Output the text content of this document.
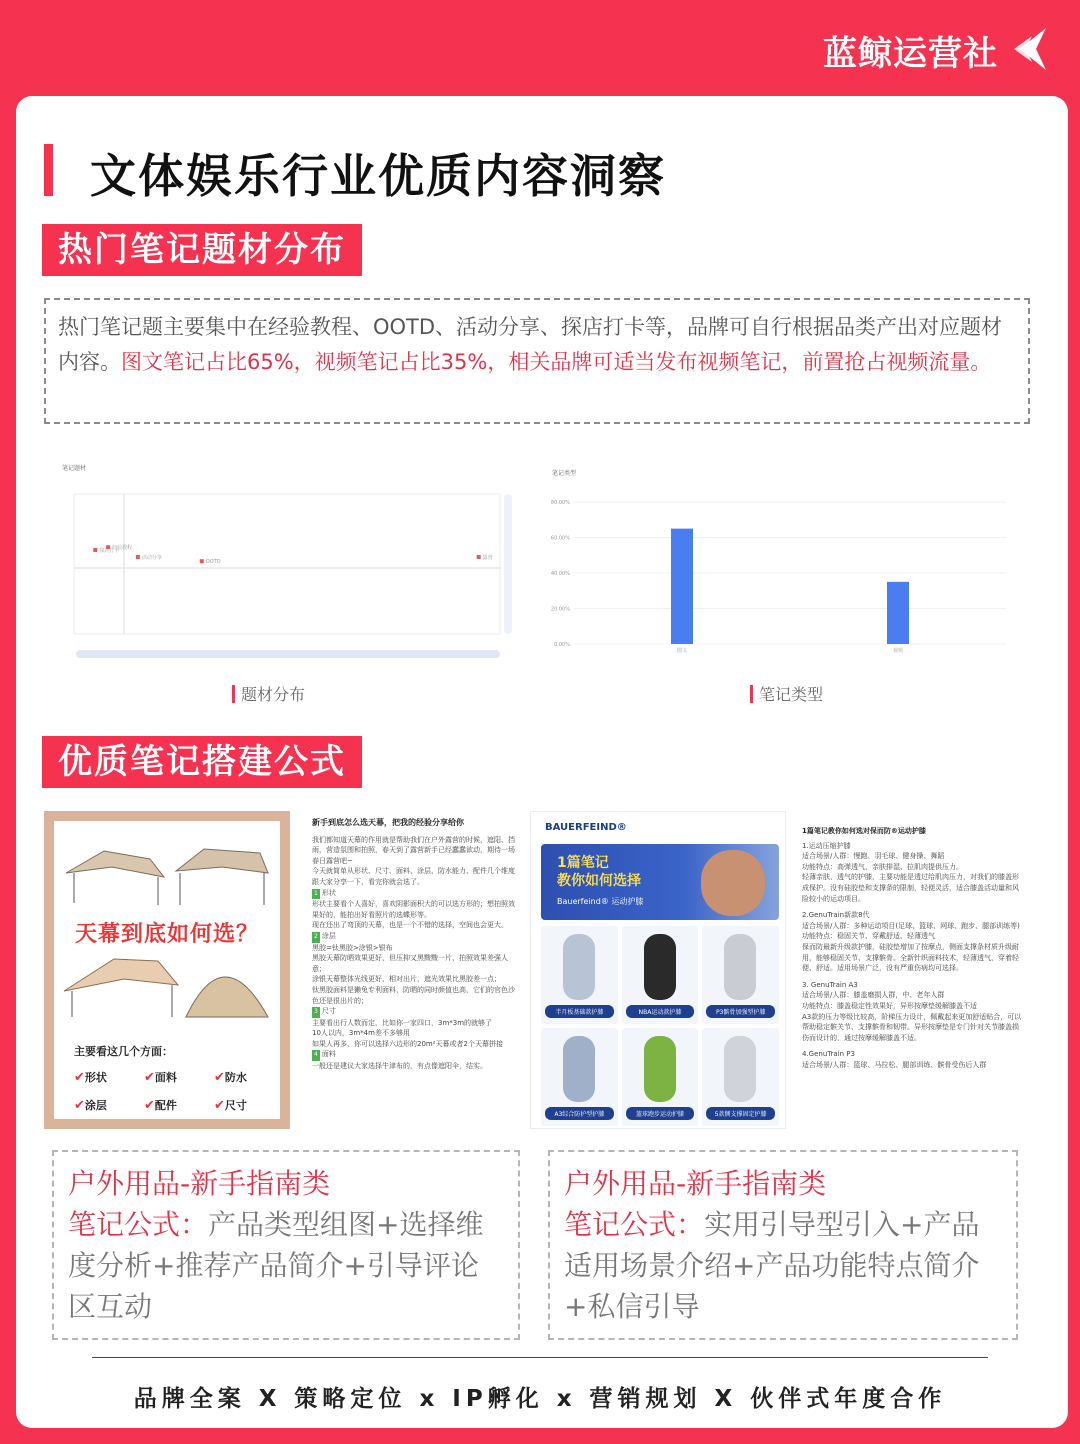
蓝鲸运营社
文体娱乐行业优质内容洞察
热门笔记题材分布
热门笔记题主要集中在经验教程、OOTD、活动分享、探店打卡等，品牌可自行根据品类产出对应题材内容。图文笔记占比65%，视频笔记占比35%，相关品牌可适当发布视频笔记，前置抢占视频流量。
笔记题材
经验教程
OOTD
活动分享
探店打卡
露营
题材分布
笔记类型
0.00%
20.00%
40.00%
60.00%
80.00%
图文	视频
笔记类型
优质笔记搭建公式
天幕到底如何选？
主要看这几个方面：
✔ 形状	✔ 面料	✔ 防水
✔ 涂层	✔ 配件	✔ 尺寸
新手到底怎么选天幕，把我的经验分享给你
我们都知道天幕的作用就是帮助我们在户外露营的时候，遮阳、挡雨，营造氛围和拍照，春天到了露营新手已经蠢蠢欲动，期待一场春日露营吧~
今天就简单从形状、尺寸、面料、涂层、防水能力、配件几个维度跟大家分享一下，看完你就会选了。
1 形状
形状主要看个人喜好，喜欢阴影面积大的可以选方形的；想拍照效果好的，能拍出好看照片的选蝶形等。
现在还出了弯顶的天幕，也是一个不错的选择，空间也会更大。
2 涂层
黑胶=钛黑胶>涂银>银布
黑胶天幕防晒效果更好，但压抑又黑黢黢一片，拍照效果差强人意；
涂银天幕整体光线更好，相对出片，遮光效果比黑胶差一点；
钛黑胶面料是獭兔专利面料，防晒的同时颜值也高，它们的官色沙色还是很出片的；
3 尺寸
主要看出行人数而定，比如你一家四口，3m*3m的就够了
10人以内，3m*4m差不多够用
如果人再多，你可以选择六边形的20m²天幕或者2个天幕拼接
4 面料
一般还是建议大家选择牛津布的，有点像遮阳伞，结实。
BAUERFEIND®
1篇笔记
教你如何选择
Bauerfeind® 运动护膝
半月板基础款护膝	NBA运动款护膝	P3髌骨加强型护膝
A3综合防护型护膝	篮球跑步运动护膝	5款侧支撑固定护膝
1篇笔记教你如何选对保而防®运动护膝
1.运动压缩护膝
适合场景/人群：慢跑、羽毛球、健身操、舞蹈
功能特点：高弹透气、亲肤排湿、拉肌肉提供压力。
轻薄亲肤、透气的护膝，主要功能是透过给肌肉压力，对我们的膝盖形成保护。没有硅胶垫和支撑条的限制，轻便灵活，适合膝盖活动量和风险较小的运动项目。
2.GenuTrain新款8代
适合场景/人群：多种运动项目(足球、篮球、网球、跑步、腿部训练等)
功能特点：稳固关节、穿戴舒适、轻薄透气
保而防最新升级款护膝，硅胶垫增加了按摩点，侧面支撑条材质升级耐用，能够稳固关节、支撑髌骨。全新针织面料技术，轻薄透气，穿着轻便、舒适。适用场景广泛，没有严重伤病均可选择。
3. GenuTrain A3
适合场景/人群：膝盖磨损人群，中、老年人群
功能特点：膝盖稳定性效果好，异形按摩垫缓解膝盖不适
A3款的压力等级比较高，阶梯压力设计，佩戴起来更加舒适贴合，可以帮助稳定髌关节、支撑髌骨和韧带。异形按摩垫是专门针对关节膝盖损伤而设计的，通过按摩缓解膝盖不适。
4.GenuTrain P3
适合场景/人群：篮球、马拉松、腿部训练、髌骨受伤后人群
户外用品-新手指南类
笔记公式：产品类型组图+选择维度分析+推荐产品简介+引导评论区互动
户外用品-新手指南类
笔记公式：实用引导型引入+产品适用场景介绍+产品功能特点简介+私信引导
品牌全案 X 策略定位 x IP孵化 x 营销规划 X 伙伴式年度合作
